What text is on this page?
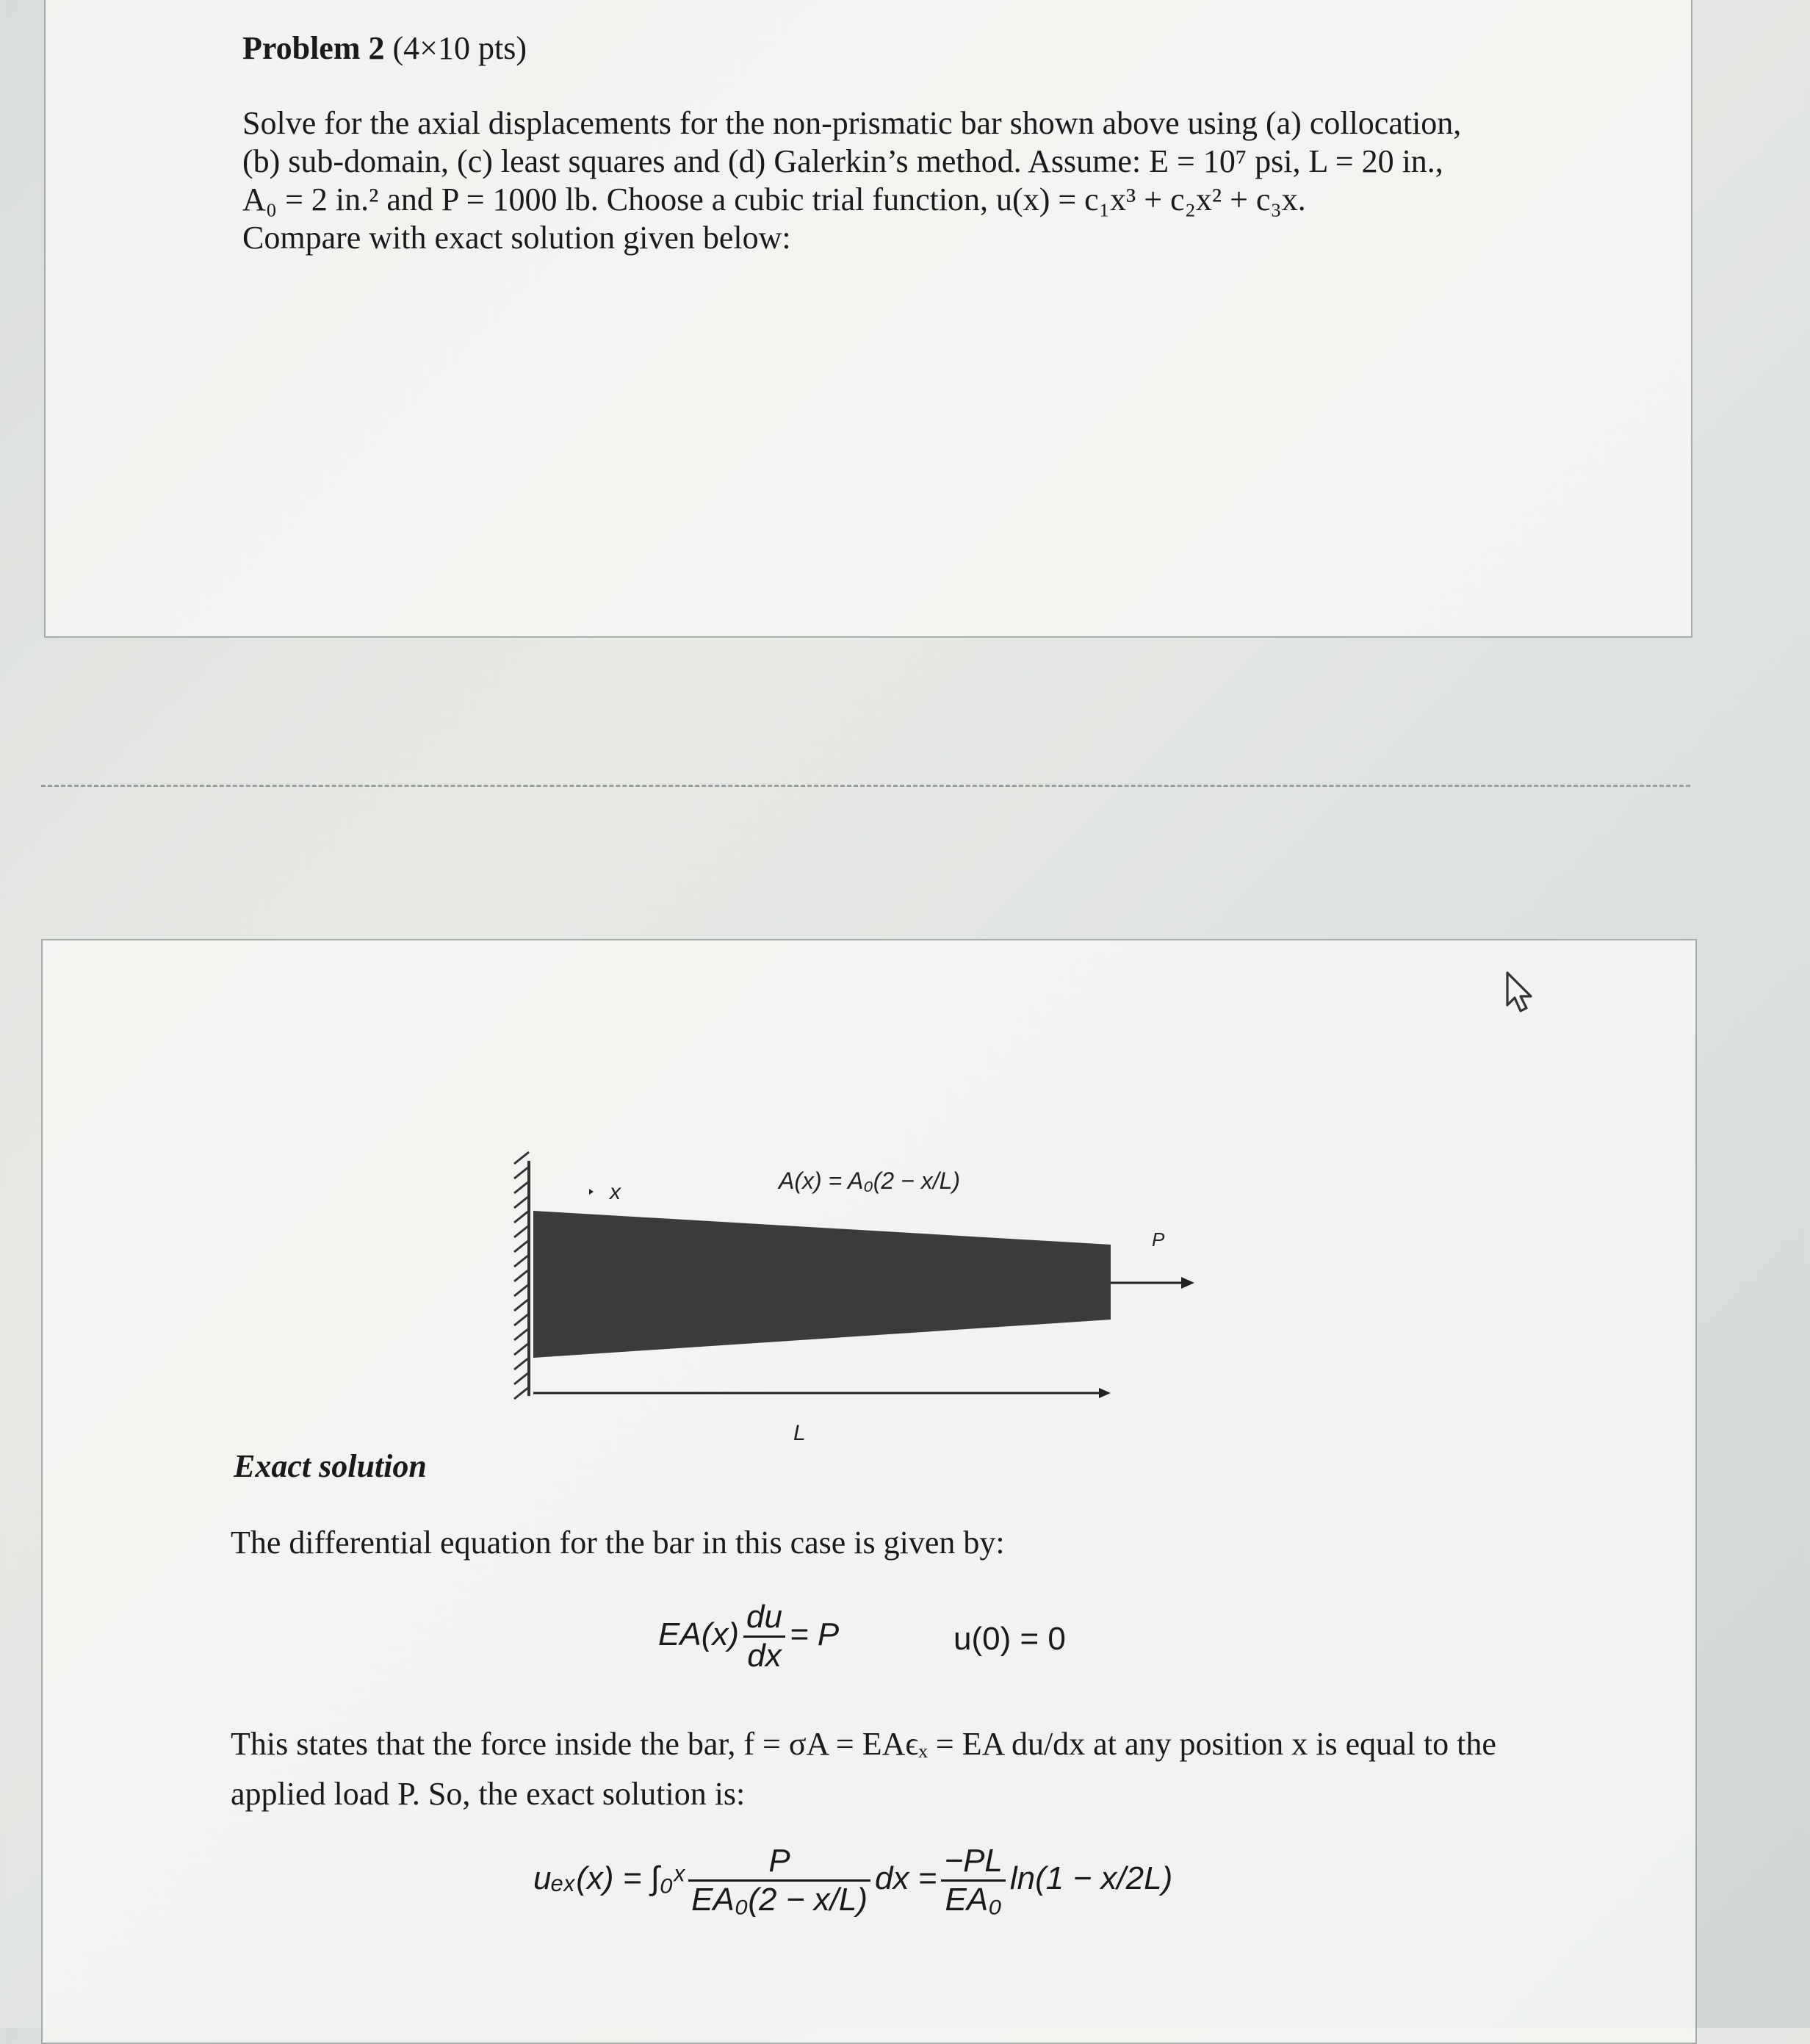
Problem 2 (4×10 pts)
Solve for the axial displacements for the non-prismatic bar shown above using (a) collocation,
(b) sub-domain, (c) least squares and (d) Galerkin’s method. Assume: E = 10⁷ psi, L = 20 in.,
A₀ = 2 in.² and P = 1000 lb. Choose a cubic trial function, u(x) = c₁x³ + c₂x² + c₃x.
Compare with exact solution given below:
x	A(x) = A₀(2 − x/L)
P
L
Exact solution
The differential equation for the bar in this case is given by:
$EA(x) \frac{du}{dx} = P$	u(0) = 0
This states that the force inside the bar, f = σA = EAϵₓ = EA du/dx at any position x is equal to the
applied load P. So, the exact solution is:
uₑₓ(x) = ∫₀ˣ $\frac{P}{\text{EA₀(2 − x/L)}}$ dx = $\frac{-PL}{\text{EA₀}} \ln(1 - x/2L)$
